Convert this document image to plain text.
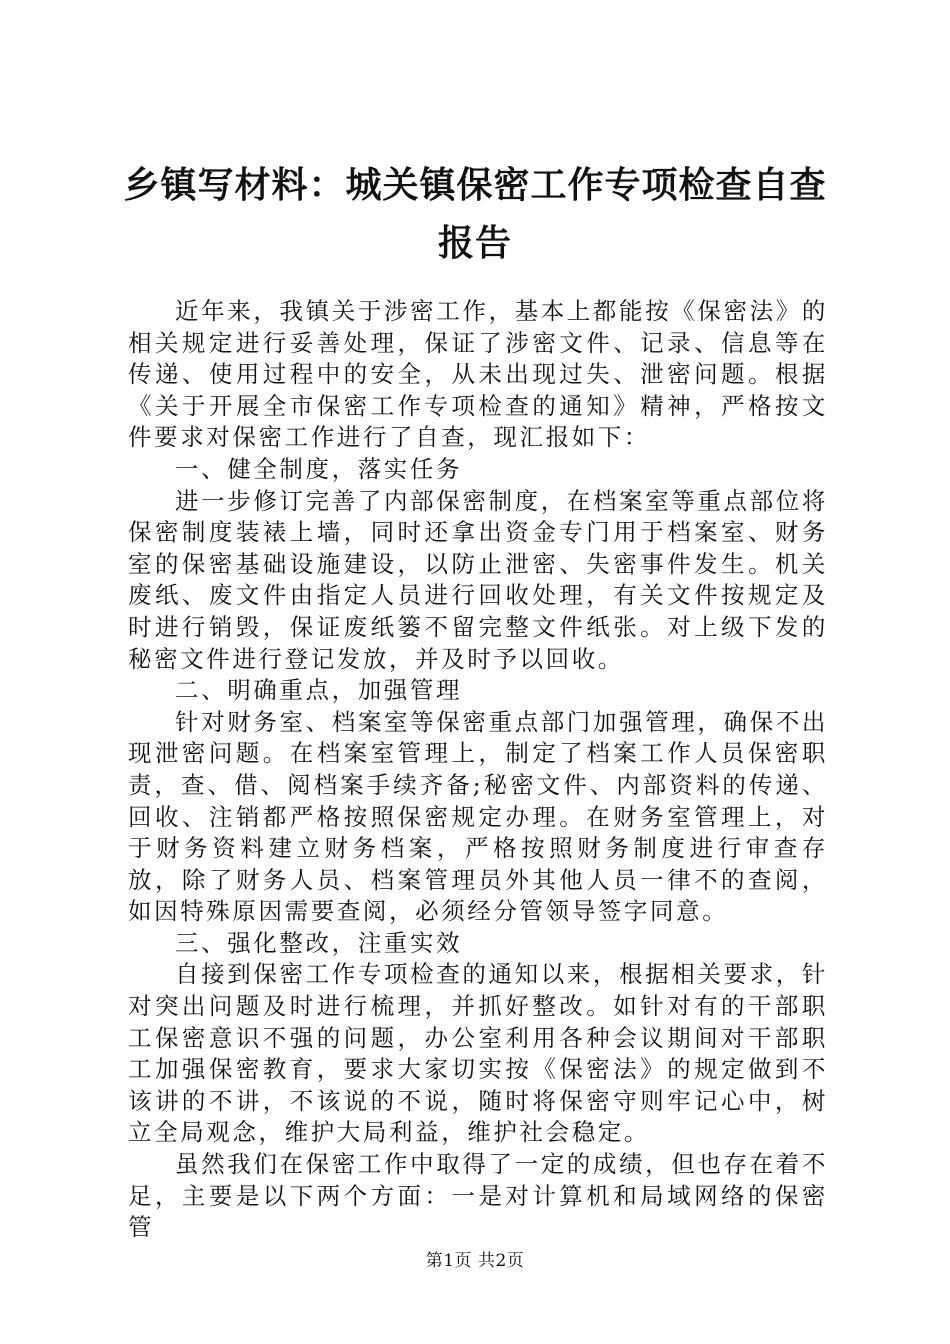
乡镇写材料：城关镇保密工作专项检查自查报告

近年来，我镇关于涉密工作，基本上都能按《保密法》的相关规定进行妥善处理，保证了涉密文件、记录、信息等在传递、使用过程中的安全，从未出现过失、泄密问题。根据《关于开展全市保密工作专项检查的通知》精神，严格按文件要求对保密工作进行了自查，现汇报如下：

一、健全制度，落实任务

进一步修订完善了内部保密制度，在档案室等重点部位将保密制度装裱上墙，同时还拿出资金专门用于档案室、财务室的保密基础设施建设，以防止泄密、失密事件发生。机关废纸、废文件由指定人员进行回收处理，有关文件按规定及时进行销毁，保证废纸篓不留完整文件纸张。对上级下发的秘密文件进行登记发放，并及时予以回收。

二、明确重点，加强管理

针对财务室、档案室等保密重点部门加强管理，确保不出现泄密问题。在档案室管理上，制定了档案工作人员保密职责，查、借、阅档案手续齐备;秘密文件、内部资料的传递、回收、注销都严格按照保密规定办理。在财务室管理上，对于财务资料建立财务档案，严格按照财务制度进行审查存放，除了财务人员、档案管理员外其他人员一律不的查阅，如因特殊原因需要查阅，必须经分管领导签字同意。

三、强化整改，注重实效

自接到保密工作专项检查的通知以来，根据相关要求，针对突出问题及时进行梳理，并抓好整改。如针对有的干部职工保密意识不强的问题，办公室利用各种会议期间对干部职工加强保密教育，要求大家切实按《保密法》的规定做到不该讲的不讲，不该说的不说，随时将保密守则牢记心中，树立全局观念，维护大局利益，维护社会稳定。

虽然我们在保密工作中取得了一定的成绩，但也存在着不足，主要是以下两个方面：一是对计算机和局域网络的保密管

第1页 共2页
